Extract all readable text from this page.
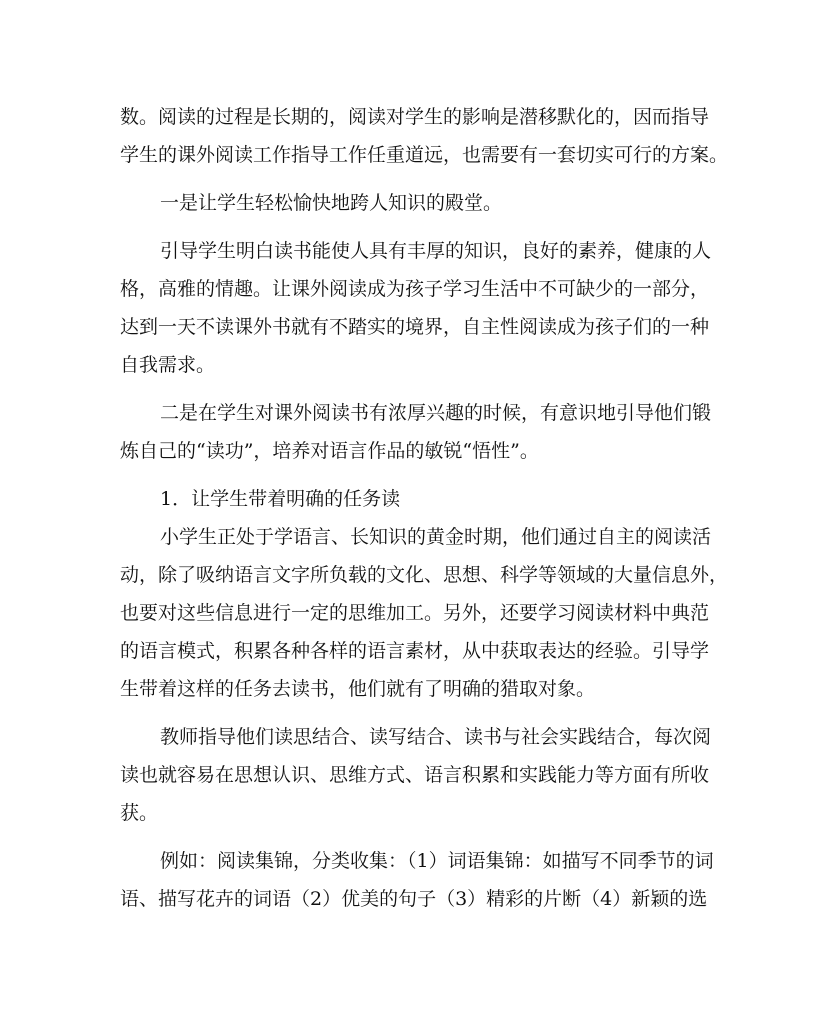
数。阅读的过程是长期的，阅读对学生的影响是潜移默化的，因而指导
学生的课外阅读工作指导工作任重道远，也需要有一套切实可行的方案。
一是让学生轻松愉快地跨人知识的殿堂。
引导学生明白读书能使人具有丰厚的知识，良好的素养，健康的人
格，高雅的情趣。让课外阅读成为孩子学习生活中不可缺少的一部分，
达到一天不读课外书就有不踏实的境界，自主性阅读成为孩子们的一种
自我需求。
二是在学生对课外阅读书有浓厚兴趣的时候，有意识地引导他们锻
炼自己的“读功”，培养对语言作品的敏锐“悟性”。
1．让学生带着明确的任务读
小学生正处于学语言、长知识的黄金时期，他们通过自主的阅读活
动，除了吸纳语言文字所负载的文化、思想、科学等领域的大量信息外，
也要对这些信息进行一定的思维加工。另外，还要学习阅读材料中典范
的语言模式，积累各种各样的语言素材，从中获取表达的经验。引导学
生带着这样的任务去读书，他们就有了明确的猎取对象。
教师指导他们读思结合、读写结合、读书与社会实践结合，每次阅
读也就容易在思想认识、思维方式、语言积累和实践能力等方面有所收
获。
例如：阅读集锦，分类收集：（1）词语集锦：如描写不同季节的词
语、描写花卉的词语（2）优美的句子（3）精彩的片断（4）新颖的选
